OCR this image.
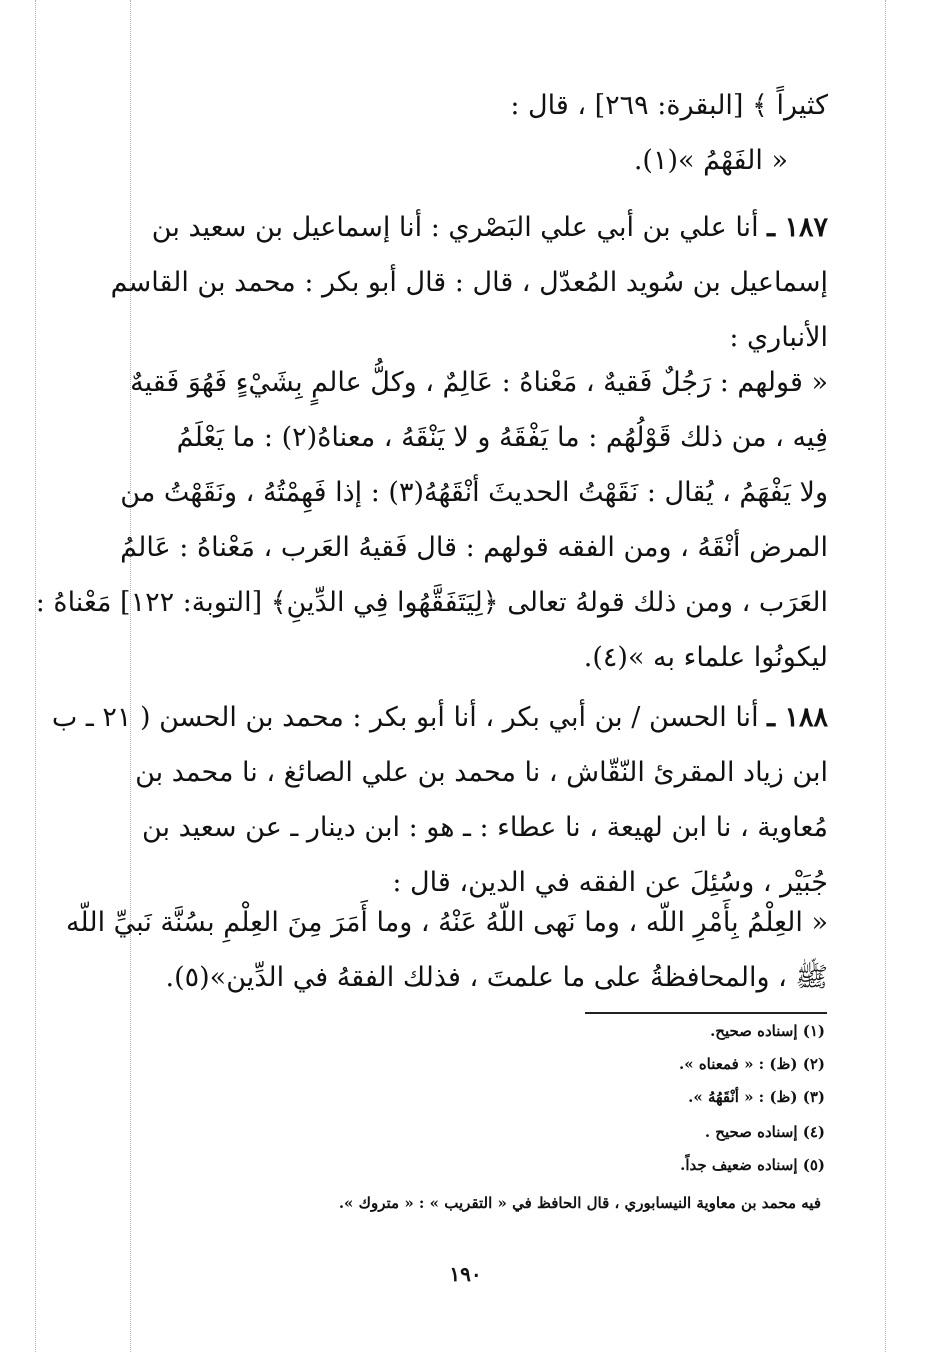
كثيراً ﴾ [البقرة: ٢٦٩] ، قال :
« الفَهْمُ »(١).
١٨٧ ـ أنا علي بن أبي علي البَصْري : أنا إسماعيل بن سعيد بن
إسماعيل بن سُويد المُعدّل ، قال : قال أبو بكر : محمد بن القاسم
الأنباري :
« قولهم : رَجُلٌ فَقيهٌ ، مَعْناهُ : عَالِمٌ ، وكلُّ عالمٍ بِشَيْءٍ فَهُوَ فَقيهٌ
فِيه ، من ذلك قَوْلُهُم : ما يَفْقَهُ و لا يَنْقَهُ ، معناهُ(٢) : ما يَعْلَمُ
ولا يَفْهَمُ ، يُقال : نَقَهْتُ الحديثَ أنْقَهُهُ(٣) : إذا فَهِمْتُهُ ، ونَقَهْتُ من
المرض أنْقَهُ ، ومن الفقه قولهم : قال فَقيهُ العَرب ، مَعْناهُ : عَالمُ
العَرَب ، ومن ذلك قولهُ تعالى ﴿لِيَتَفَقَّهُوا فِي الدِّينِ﴾ [التوبة: ١٢٢] مَعْناهُ :
ليكونُوا علماء به »(٤).
١٨٨ ـ أنا الحسن / بن أبي بكر ، أنا أبو بكر : محمد بن الحسن ( ٢١ ـ ب
ابن زياد المقرئ النّقّاش ، نا محمد بن علي الصائغ ، نا محمد بن
مُعاوية ، نا ابن لهيعة ، نا عطاء : ـ هو : ابن دينار ـ عن سعيد بن
جُبَيْر ، وسُئِلَ عن الفقه في الدين، قال :
« العِلْمُ بِأَمْرِ اللّه ، وما نَهى اللّهُ عَنْهُ ، وما أَمَرَ مِنَ العِلْمِ بسُنَّة نَبيِّ اللّه
ﷺ ، والمحافظةُ على ما علمتَ ، فذلك الفقهُ في الدِّين»(٥).
(١) إسناده صحيح.
(٢) (ظ) : « فمعناه ».
(٣) (ظ) : « أنْقَهُهُ ».
(٤) إسناده صحيح .
(٥) إسناده ضعيف جداً.
فيه محمد بن معاوية النيسابوري ، قال الحافظ في « التقريب » : « متروك ».
١٩٠
